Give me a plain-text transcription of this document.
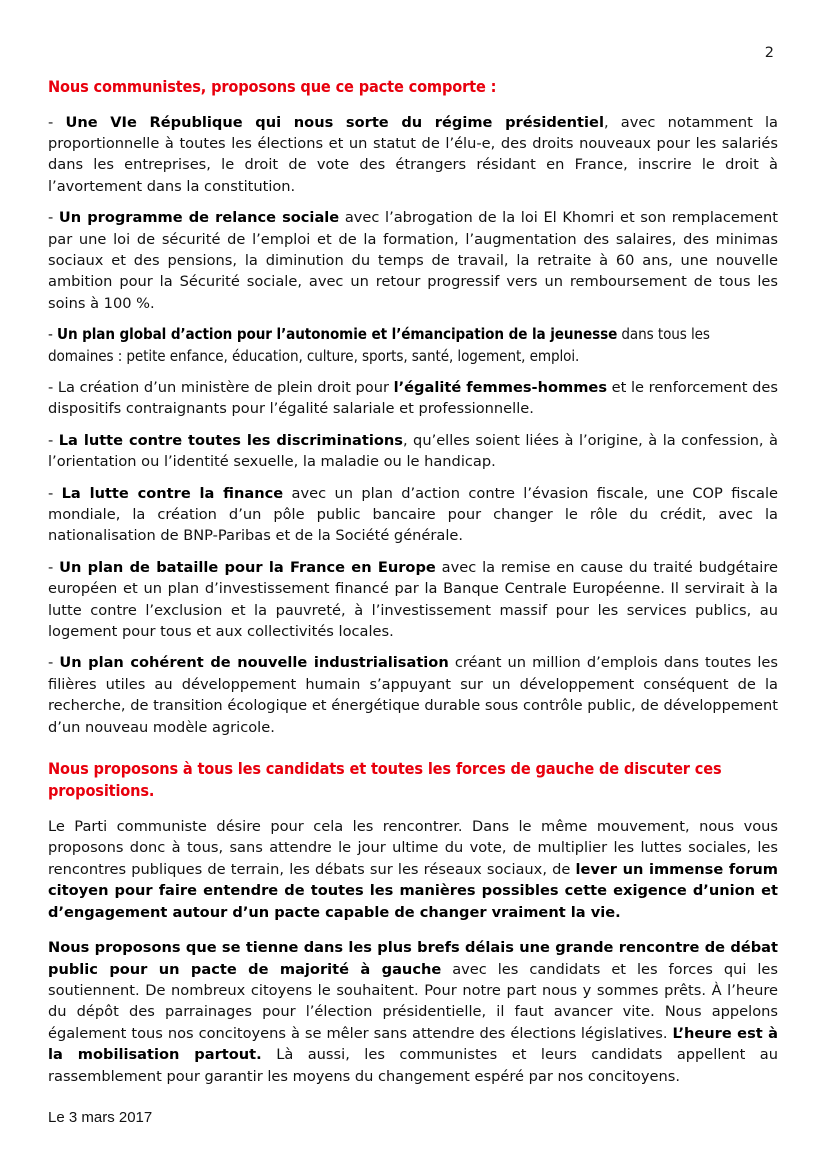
2

Nous communistes, proposons que ce pacte comporte :

- Une VIe République qui nous sorte du régime présidentiel, avec notamment la proportionnelle à toutes les élections et un statut de l’élu-e, des droits nouveaux pour les salariés dans les entreprises, le droit de vote des étrangers résidant en France, inscrire le droit à l’avortement dans la constitution.

- Un programme de relance sociale avec l’abrogation de la loi El Khomri et son remplacement par une loi de sécurité de l’emploi et de la formation, l’augmentation des salaires, des minimas sociaux et des pensions, la diminution du temps de travail, la retraite à 60 ans, une nouvelle ambition pour la Sécurité sociale, avec un retour progressif vers un remboursement de tous les soins à 100 %.

- Un plan global d’action pour l’autonomie et l’émancipation de la jeunesse dans tous les domaines : petite enfance, éducation, culture, sports, santé, logement, emploi.

- La création d’un ministère de plein droit pour l’égalité femmes-hommes et le renforcement des dispositifs contraignants pour l’égalité salariale et professionnelle.

- La lutte contre toutes les discriminations, qu’elles soient liées à l’origine, à la confession, à l’orientation ou l’identité sexuelle, la maladie ou le handicap.

- La lutte contre la finance avec un plan d’action contre l’évasion fiscale, une COP fiscale mondiale, la création d’un pôle public bancaire pour changer le rôle du crédit, avec la nationalisation de BNP-Paribas et de la Société générale.

- Un plan de bataille pour la France en Europe avec la remise en cause du traité budgétaire européen et un plan d’investissement financé par la Banque Centrale Européenne. Il servirait à la lutte contre l’exclusion et la pauvreté, à l’investissement massif pour les services publics, au logement pour tous et aux collectivités locales.

- Un plan cohérent de nouvelle industrialisation créant un million d’emplois dans toutes les filières utiles au développement humain s’appuyant sur un développement conséquent de la recherche, de transition écologique et énergétique durable sous contrôle public, de développement d’un nouveau modèle agricole.

Nous proposons à tous les candidats et toutes les forces de gauche de discuter ces propositions.

Le Parti communiste désire pour cela les rencontrer. Dans le même mouvement, nous vous proposons donc à tous, sans attendre le jour ultime du vote, de multiplier les luttes sociales, les rencontres publiques de terrain, les débats sur les réseaux sociaux, de lever un immense forum citoyen pour faire entendre de toutes les manières possibles cette exigence d’union et d’engagement autour d’un pacte capable de changer vraiment la vie.

Nous proposons que se tienne dans les plus brefs délais une grande rencontre de débat public pour un pacte de majorité à gauche avec les candidats et les forces qui les soutiennent. De nombreux citoyens le souhaitent. Pour notre part nous y sommes prêts. À l’heure du dépôt des parrainages pour l’élection présidentielle, il faut avancer vite. Nous appelons également tous nos concitoyens à se mêler sans attendre des élections législatives. L’heure est à la mobilisation partout. Là aussi, les communistes et leurs candidats appellent au rassemblement pour garantir les moyens du changement espéré par nos concitoyens.

Le 3 mars 2017
